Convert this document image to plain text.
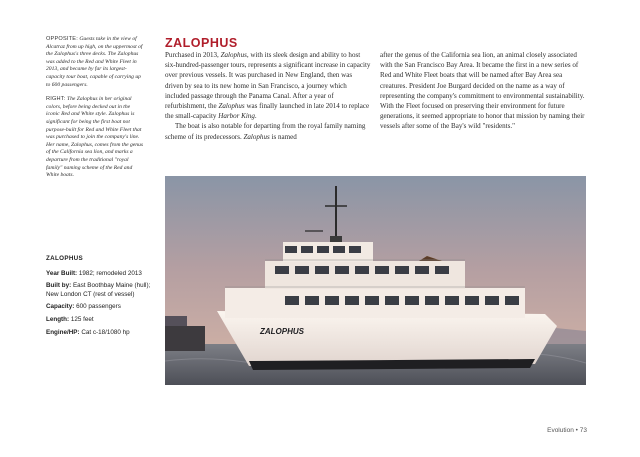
OPPOSITE: Guests take in the view of Alcatraz from up high, on the uppermost of the Zalophus's three decks. The Zalophus was added to the Red and White Fleet in 2013, and became by far its largest-capacity tour boat, capable of carrying up to 600 passengers.

RIGHT: The Zalophus in her original colors, before being decked out in the iconic Red and White style. Zalophus is significant for being the first boat not purpose-built for Red and White Fleet that was purchased to join the company's line. Her name, Zalophus, comes from the genus of the California sea lion, and marks a departure from the traditional "royal family" naming scheme of the Red and White boats.

ZALOPHUS
Year Built: 1982; remodeled 2013
Built by: East Boothbay Maine (hull); New London CT (rest of vessel)
Capacity: 600 passengers
Length: 125 feet
Engine/HP: Cat c-18/1080 hp
ZALOPHUS

Purchased in 2013, Zalophus, with its sleek design and ability to host six-hundred-passenger tours, represents a significant increase in capacity over previous vessels. It was purchased in New England, then was driven by sea to its new home in San Francisco, a journey which included passage through the Panama Canal. After a year of refurbishment, the Zalophus was finally launched in late 2014 to replace the small-capacity Harbor King.

The boat is also notable for departing from the royal family naming scheme of its predecessors. Zalophus is named

after the genus of the California sea lion, an animal closely associated with the San Francisco Bay Area. It became the first in a new series of Red and White Fleet boats that will be named after Bay Area sea creatures. President Joe Burgard decided on the name as a way of representing the company's commitment to environmental sustainability. With the Fleet focused on preserving their environment for future generations, it seemed appropriate to honor that mission by naming their vessels after some of the Bay's wild "residents."

ZALOPHUS
Evolution • 73
